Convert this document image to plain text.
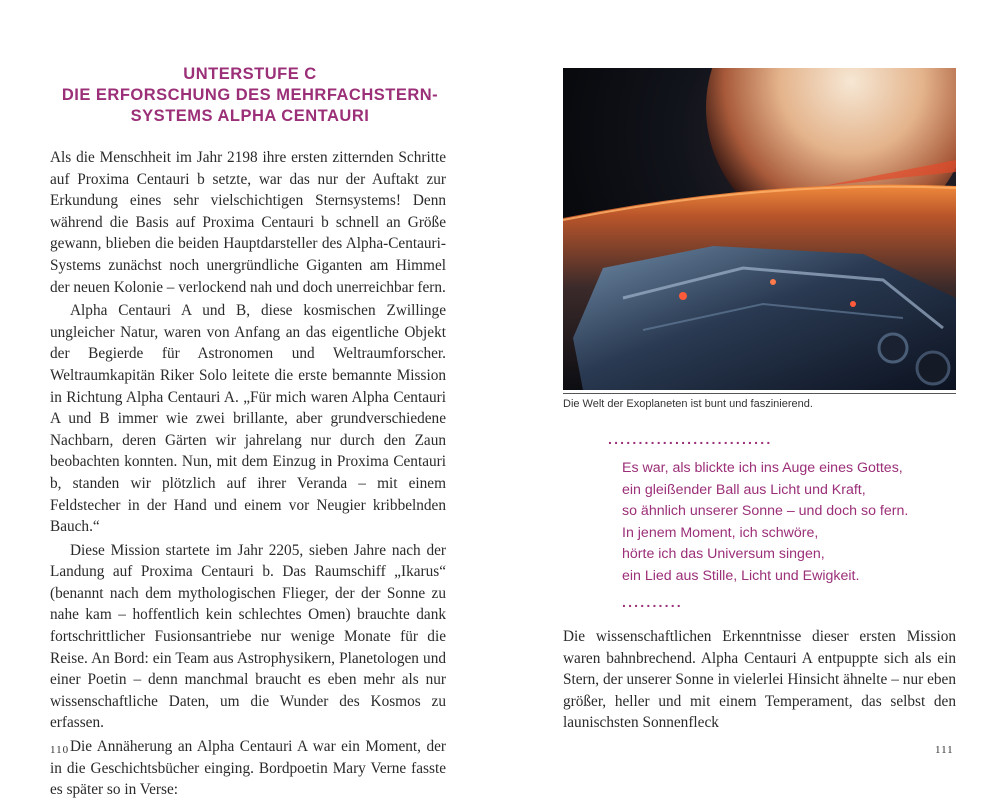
UNTERSTUFE C
DIE ERFORSCHUNG DES MEHRFACHSTERN-
SYSTEMS ALPHA CENTAURI

Als die Menschheit im Jahr 2198 ihre ersten zitternden Schritte auf Proxima Centauri b setzte, war das nur der Auftakt zur Erkundung eines sehr vielschichtigen Sternsystems! Denn während die Basis auf Proxima Centauri b schnell an Größe gewann, blieben die beiden Hauptdarsteller des Alpha-Centauri-Systems zunächst noch unergründliche Giganten am Himmel der neuen Kolonie – verlockend nah und doch unerreichbar fern.

Alpha Centauri A und B, diese kosmischen Zwillinge ungleicher Natur, waren von Anfang an das eigentliche Objekt der Begierde für Astronomen und Weltraumforscher. Weltraumkapitän Riker Solo leitete die erste bemannte Mission in Richtung Alpha Centauri A. „Für mich waren Alpha Centauri A und B immer wie zwei brillante, aber grundverschiedene Nachbarn, deren Gärten wir jahrelang nur durch den Zaun beobachten konnten. Nun, mit dem Einzug in Proxima Centauri b, standen wir plötzlich auf ihrer Veranda – mit einem Feldstecher in der Hand und einem vor Neugier kribbelnden Bauch.“

Diese Mission startete im Jahr 2205, sieben Jahre nach der Landung auf Proxima Centauri b. Das Raumschiff „Ikarus“ (benannt nach dem mythologischen Flieger, der der Sonne zu nahe kam – hoffentlich kein schlechtes Omen) brauchte dank fortschrittlicher Fusionsantriebe nur wenige Monate für die Reise. An Bord: ein Team aus Astrophysikern, Planetologen und einer Poetin – denn manchmal braucht es eben mehr als nur wissenschaftliche Daten, um die Wunder des Kosmos zu erfassen.

Die Annäherung an Alpha Centauri A war ein Moment, der in die Geschichtsbücher einging. Bordpoetin Mary Verne fasste es später so in Verse:

110
Die Welt der Exoplaneten ist bunt und faszinierend.
...........................
Es war, als blickte ich ins Auge eines Gottes,
ein gleißender Ball aus Licht und Kraft,
so ähnlich unserer Sonne – und doch so fern.
In jenem Moment, ich schwöre,
hörte ich das Universum singen,
ein Lied aus Stille, Licht und Ewigkeit.
..........

Die wissenschaftlichen Erkenntnisse dieser ersten Mission waren bahnbrechend. Alpha Centauri A entpuppte sich als ein Stern, der unserer Sonne in vielerlei Hinsicht ähnelte – nur eben größer, heller und mit einem Temperament, das selbst den launischsten Sonnenfleck

111
